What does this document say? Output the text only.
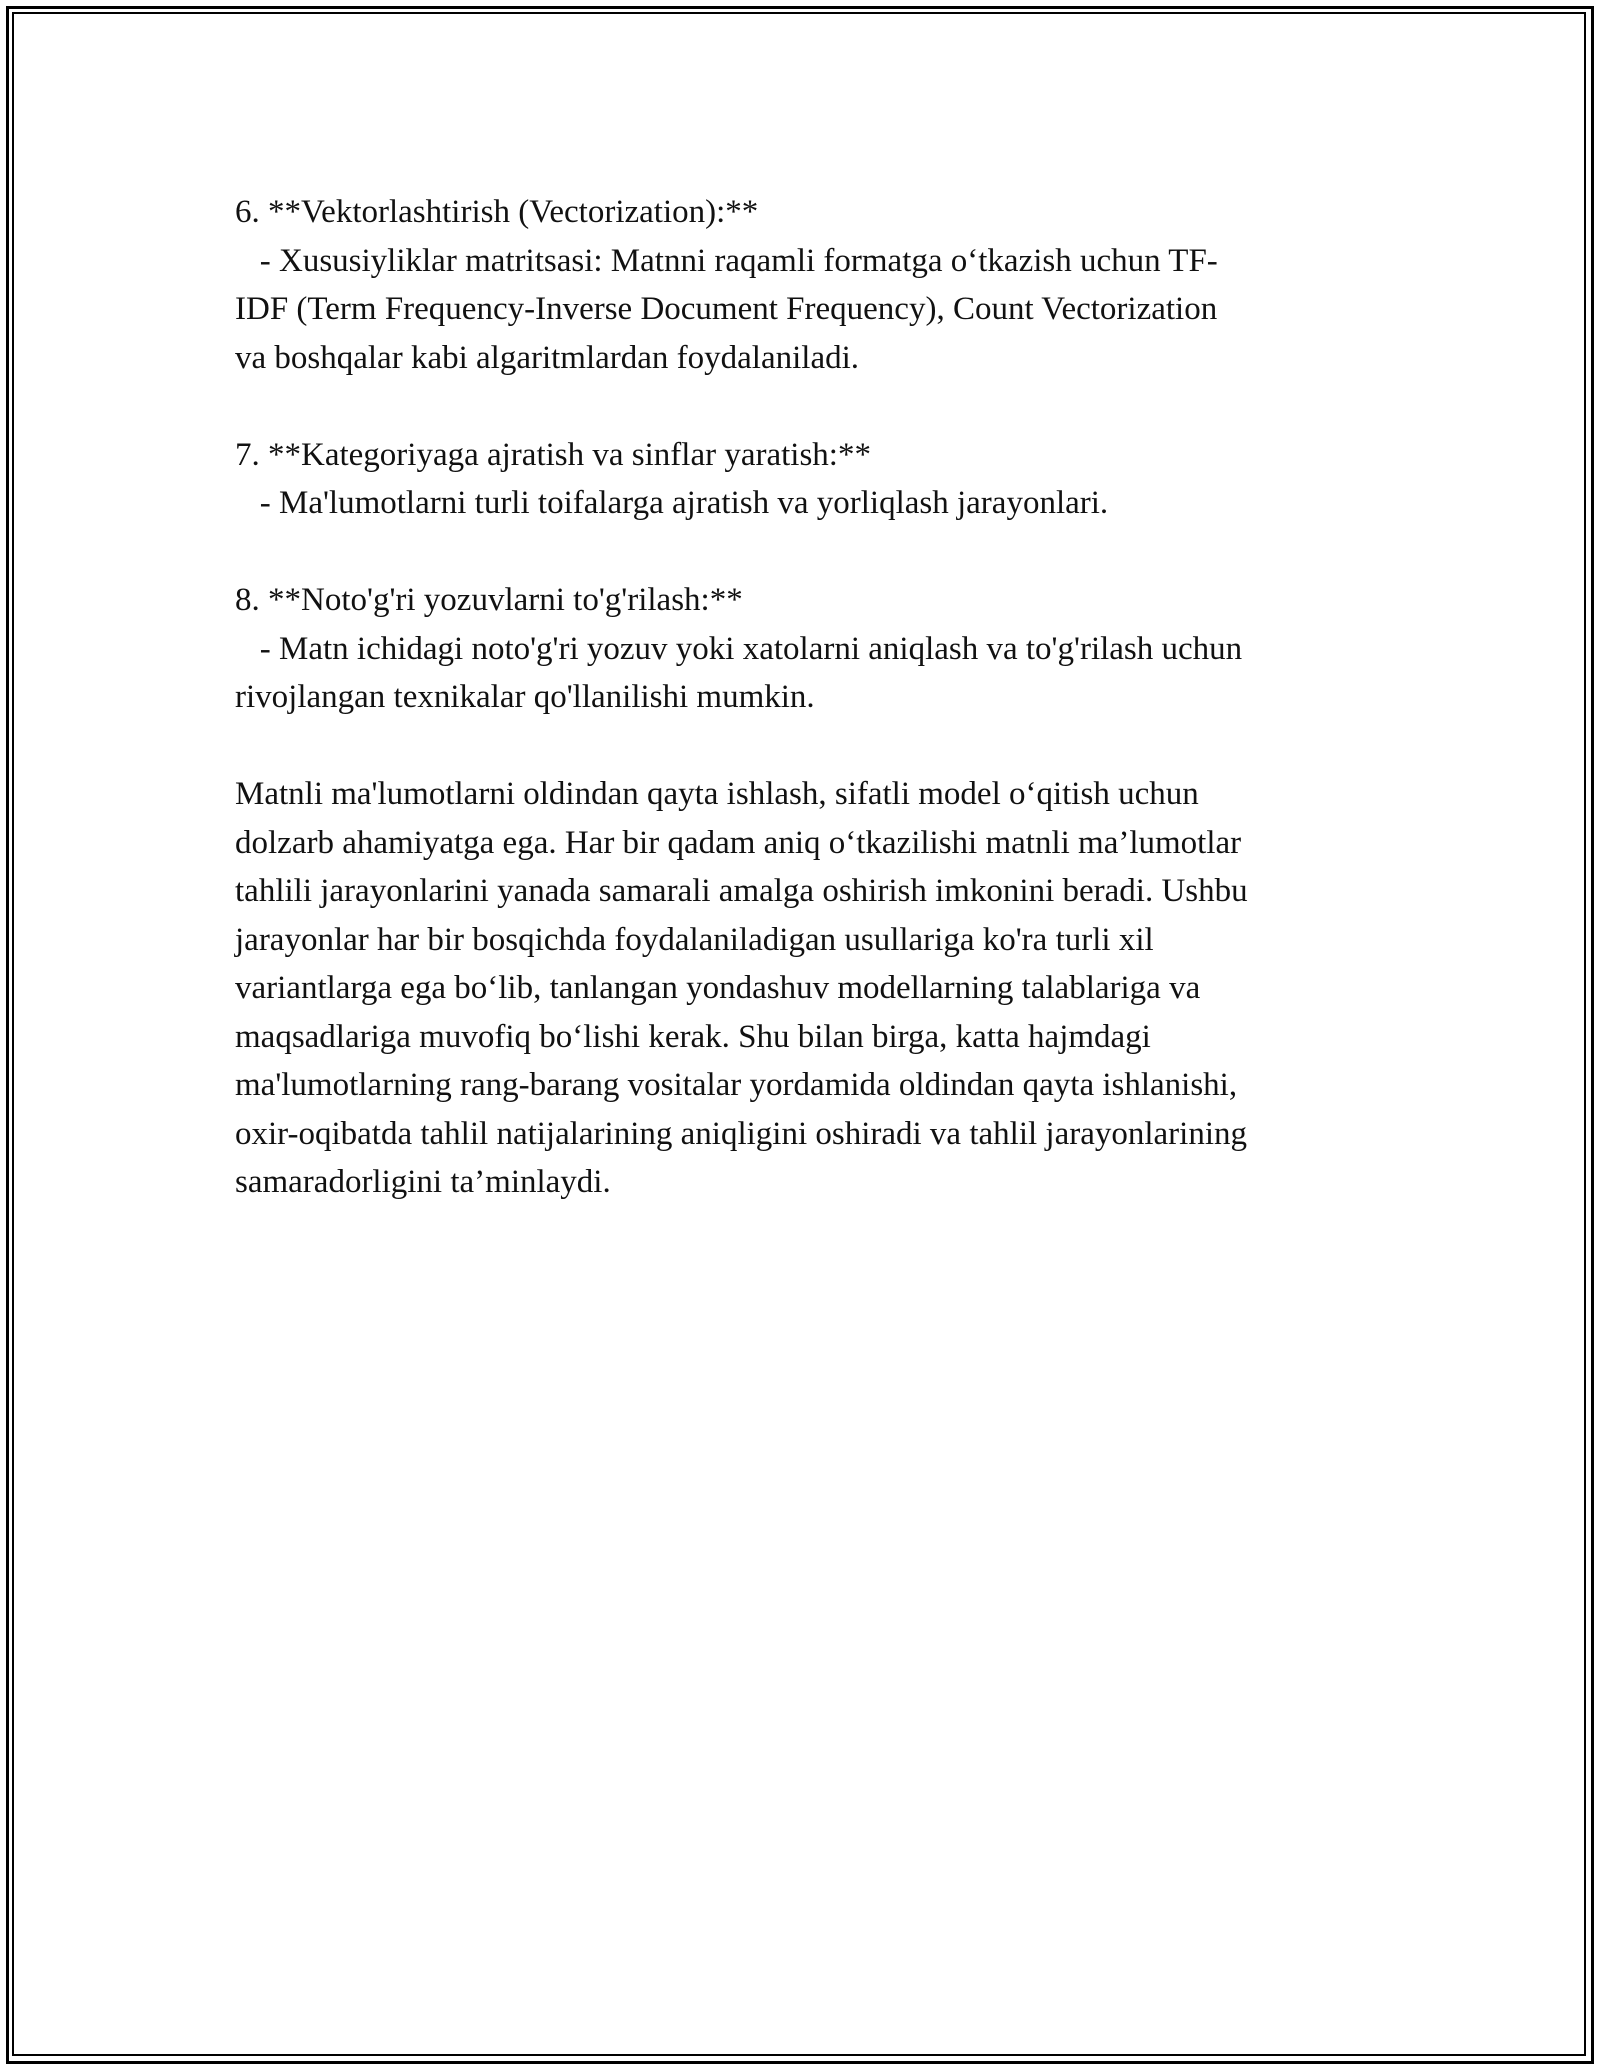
6. **Vektorlashtirish (Vectorization):**
- Xususiyliklar matritsasi: Matnni raqamli formatga o‘tkazish uchun TF-
IDF (Term Frequency-Inverse Document Frequency), Count Vectorization
va boshqalar kabi algaritmlardan foydalaniladi.
7. **Kategoriyaga ajratish va sinflar yaratish:**
- Ma'lumotlarni turli toifalarga ajratish va yorliqlash jarayonlari.
8. **Noto'g'ri yozuvlarni to'g'rilash:**
- Matn ichidagi noto'g'ri yozuv yoki xatolarni aniqlash va to'g'rilash uchun
rivojlangan texnikalar qo'llanilishi mumkin.
Matnli ma'lumotlarni oldindan qayta ishlash, sifatli model o‘qitish uchun
dolzarb ahamiyatga ega. Har bir qadam aniq o‘tkazilishi matnli ma’lumotlar
tahlili jarayonlarini yanada samarali amalga oshirish imkonini beradi. Ushbu
jarayonlar har bir bosqichda foydalaniladigan usullariga ko'ra turli xil
variantlarga ega bo‘lib, tanlangan yondashuv modellarning talablariga va
maqsadlariga muvofiq bo‘lishi kerak. Shu bilan birga, katta hajmdagi
ma'lumotlarning rang-barang vositalar yordamida oldindan qayta ishlanishi,
oxir-oqibatda tahlil natijalarining aniqligini oshiradi va tahlil jarayonlarining
samaradorligini ta’minlaydi.
